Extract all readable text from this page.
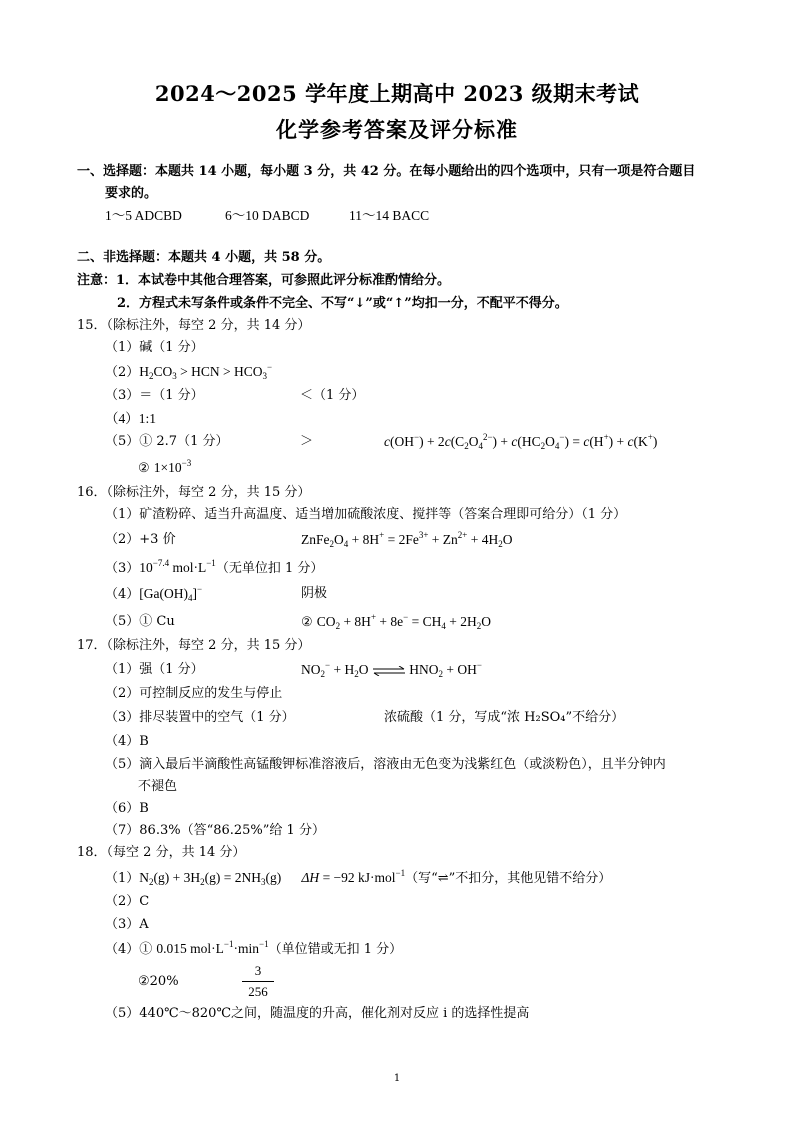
2024～2025 学年度上期高中 2023 级期末考试
化学参考答案及评分标准
一、选择题：本题共 14 小题，每小题 3 分，共 42 分。在每小题给出的四个选项中，只有一项是符合题目
要求的。
1～5 ADCBD	6～10 DABCD	11～14 BACC
二、非选择题：本题共 4 小题，共 58 分。
注意：1．本试卷中其他合理答案，可参照此评分标准酌情给分。
2．方程式未写条件或条件不完全、不写“↓”或“↑”均扣一分，不配平不得分。
15．（除标注外，每空 2 分，共 14 分）
（1）碱（1 分）
$(2)H_2CO_3$ > HCN > $HCO_3^-$
（3）＝（1 分）	＜（1 分）
（4）1:1
（5）① 2.7（1 分）	＞	$c(OH^-) + 2c(C_2O_4^{2-}) + c(HC_2O_4^-) = c(H^+) + c(K^+)$
② $1\times 10^{-3}$
16．（除标注外，每空 2 分，共 15 分）
（1）矿渣粉碎、适当升高温度、适当增加硫酸浓度、搅拌等（答案合理即可给分）（1 分）
（2）+3 价	$ZnFe_2O_4 + 8H^+ = 2Fe^{3+} + Zn^{2+} + 4H_2O$
$(3)10^{-7.4}$ $mol\cdot L^{-1}$（无单位扣 1 分）
$(4)[Ga(OH)_4]^-$	阴极
（5）① Cu	② $CO_2 + 8H^+ + 8e^- = CH_4 + 2H_2O$
17．（除标注外，每空 2 分，共 15 分）
（1）强（1 分）	$NO_2^- + H_2O$ ⇌ $HNO_2 + OH^-$
（2）可控制反应的发生与停止
（3）排尽装置中的空气（1 分）	浓硫酸（1 分，写成“浓 H₂SO₄”不给分）
（4）B
（5）滴入最后半滴酸性高锰酸钾标准溶液后，溶液由无色变为浅紫红色（或淡粉色），且半分钟内
不褪色
（6）B
（7）86.3%（答“86.25%”给 1 分）
18．（每空 2 分，共 14 分）
$(1)N_2(g) + 3H_2(g) = 2NH_3(g)$      ΔH = −92 kJ·mol$^{-1}$（写“⇌”不扣分，其他见错不给分）
（2）C
（3）A
（4）① 0.015 $mol\cdot L^{-1}\cdot\min^{-1}$（单位错或无扣 1 分）
②20%	$\frac{3}{256}$
（5）440℃～820℃之间，随温度的升高，催化剂对反应 i 的选择性提高
1
